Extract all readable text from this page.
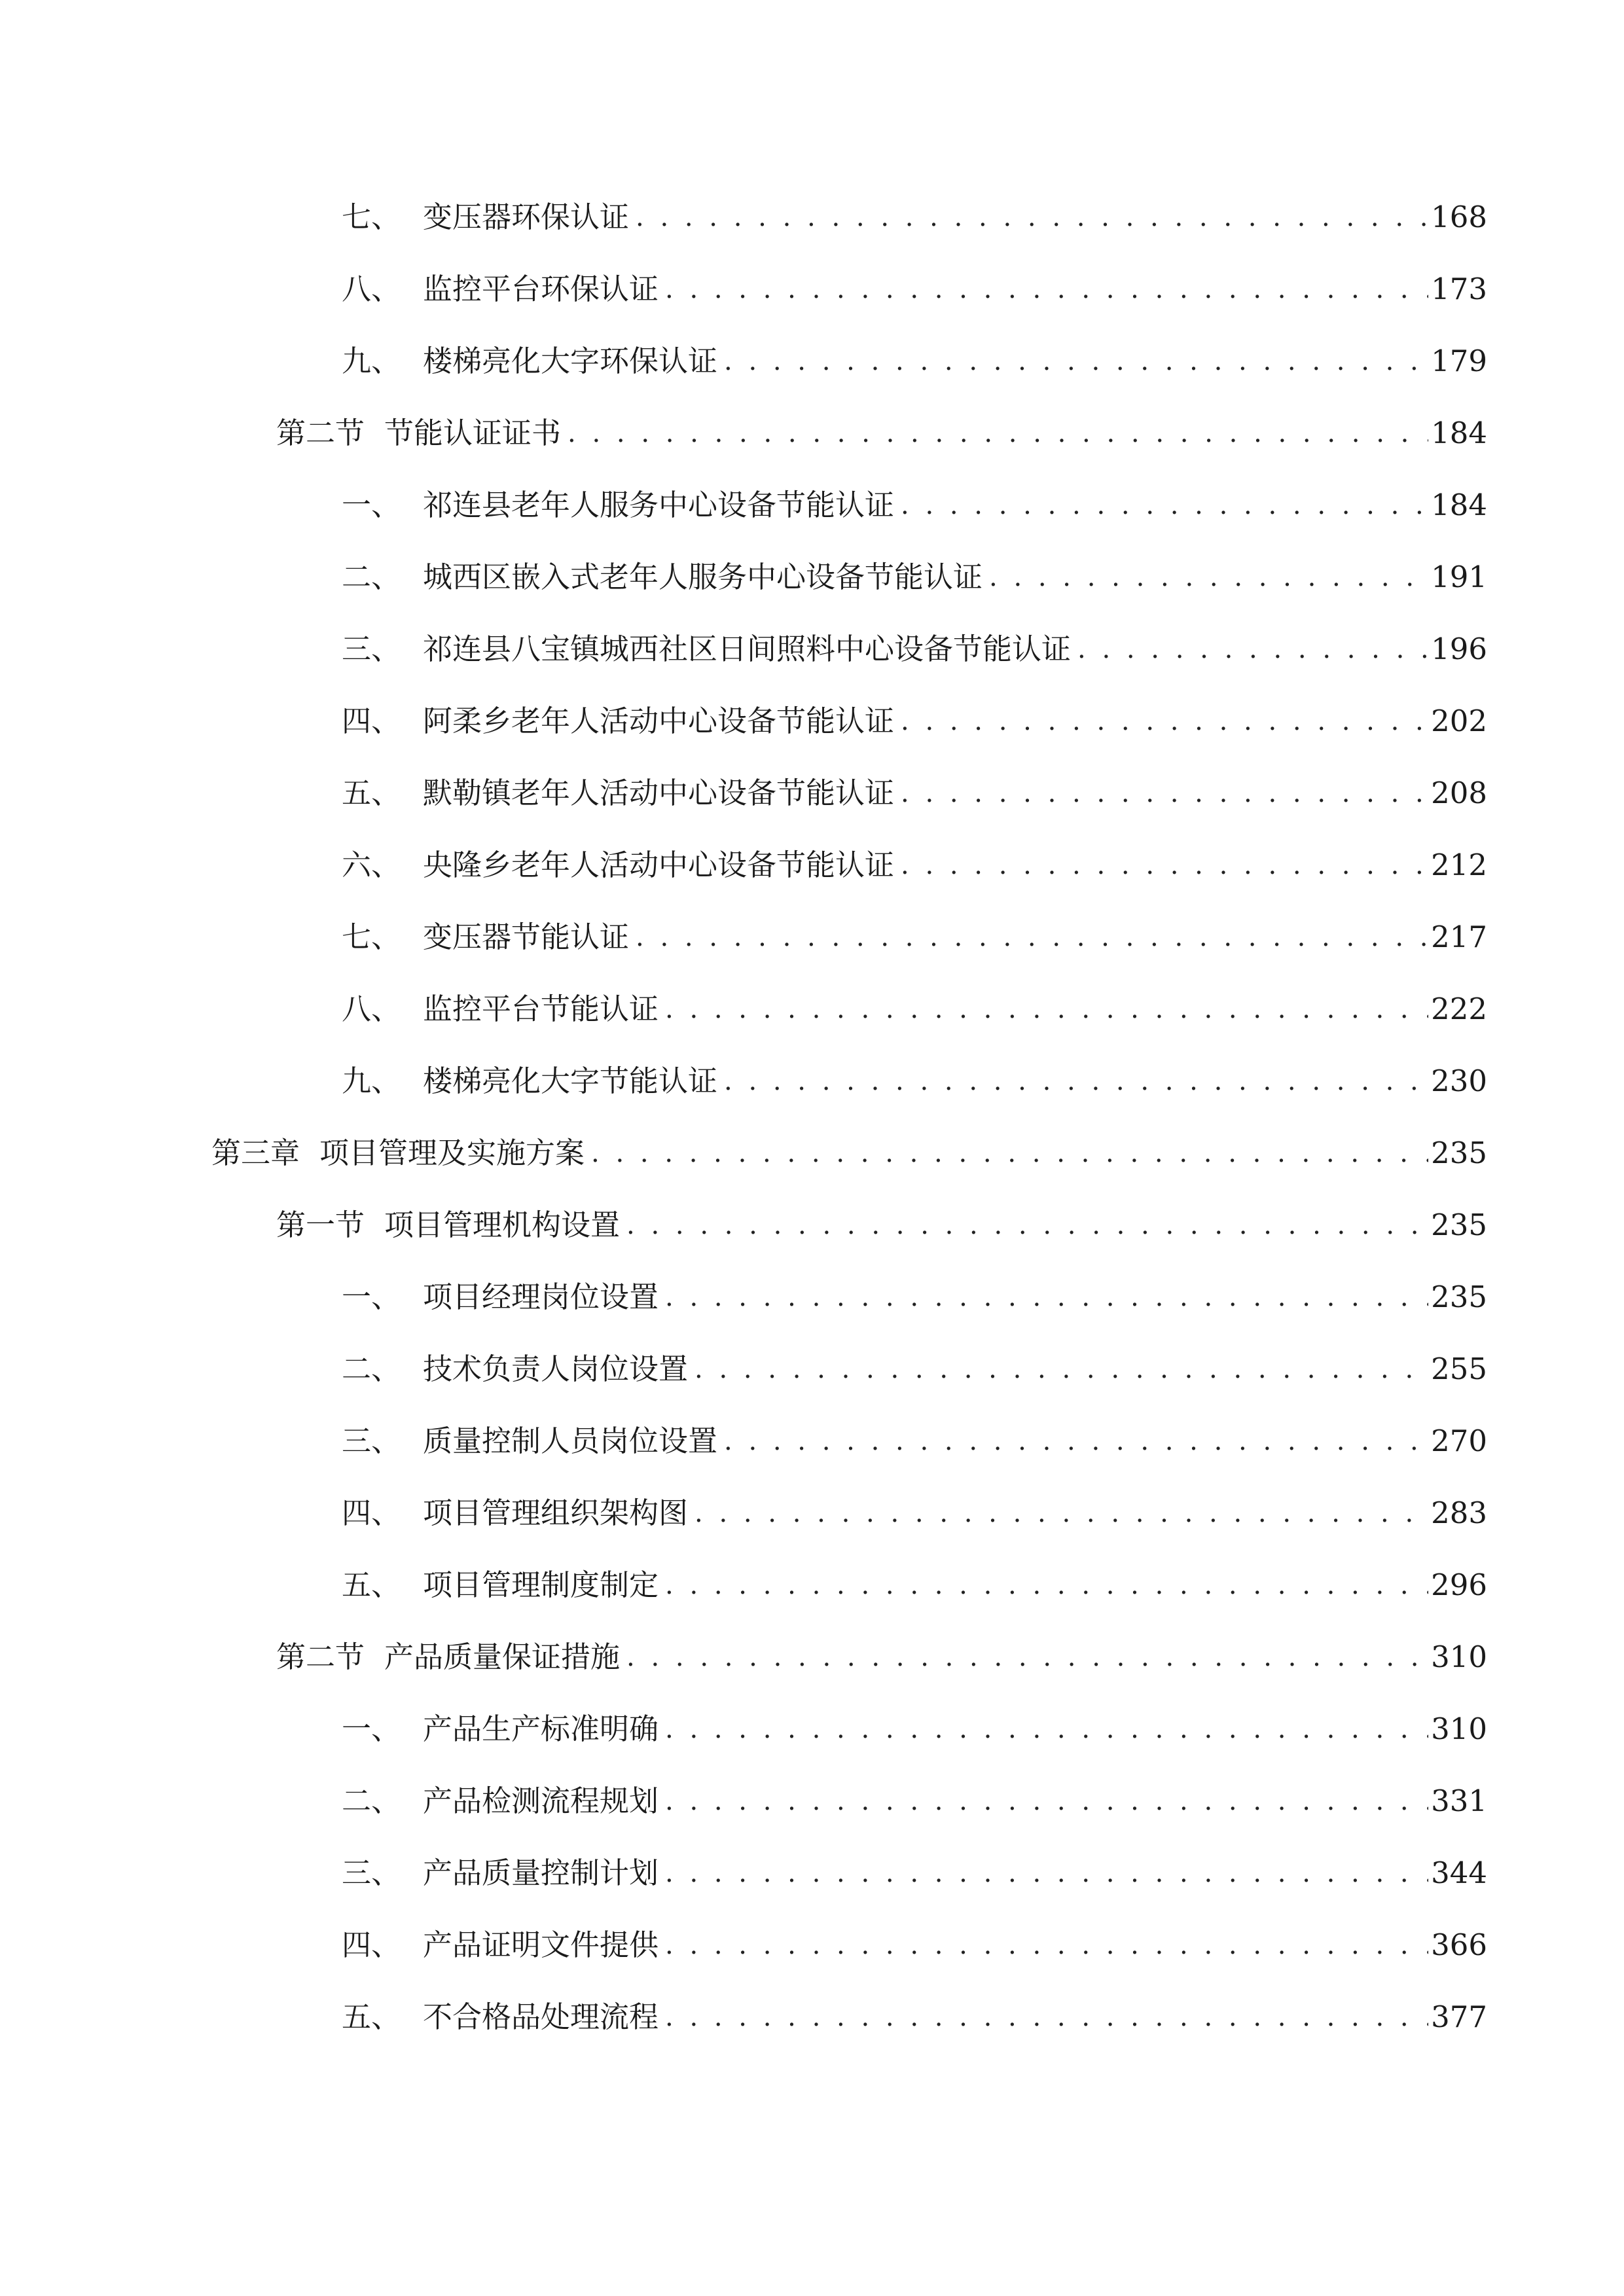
七、 变压器环保认证 . . .	168
八、 监控平台环保认证 . . .	173
九、 楼梯亮化大字环保认证 . . .	179
第二节 节能认证证书 . . .	184
一、 祁连县老年人服务中心设备节能认证 . . .	184
二、 城西区嵌入式老年人服务中心设备节能认证 . . .	191
三、 祁连县八宝镇城西社区日间照料中心设备节能认证 . . .	196
四、 阿柔乡老年人活动中心设备节能认证 . . .	202
五、 默勒镇老年人活动中心设备节能认证 . . .	208
六、 央隆乡老年人活动中心设备节能认证 . . .	212
七、 变压器节能认证 . . .	217
八、 监控平台节能认证 . . .	222
九、 楼梯亮化大字节能认证 . . .	230
第三章 项目管理及实施方案 . . .	235
第一节 项目管理机构设置 . . .	235
一、 项目经理岗位设置 . . .	235
二、 技术负责人岗位设置 . . .	255
三、 质量控制人员岗位设置 . . .	270
四、 项目管理组织架构图 . . .	283
五、 项目管理制度制定 . . .	296
第二节 产品质量保证措施 . . .	310
一、 产品生产标准明确 . . .	310
二、 产品检测流程规划 . . .	331
三、 产品质量控制计划 . . .	344
四、 产品证明文件提供 . . .	366
五、 不合格品处理流程 . . .	377
